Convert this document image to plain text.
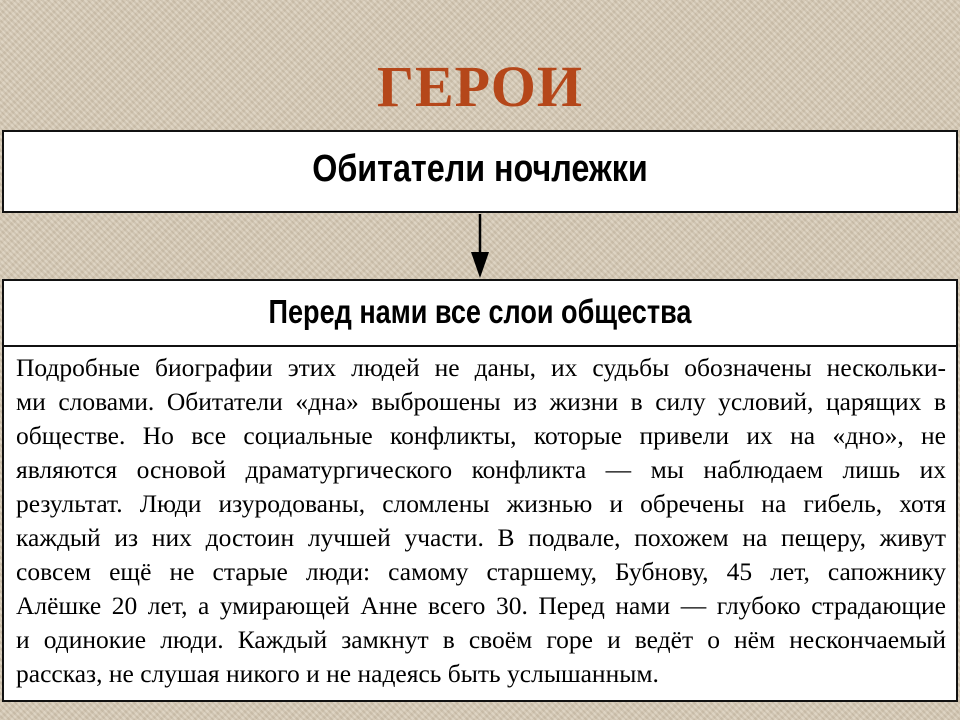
ГЕРОИ
Обитатели ночлежки
Перед нами все слои общества
Подробные биографии этих людей не даны, их судьбы обозначены нескольки-
ми словами. Обитатели «дна» выброшены из жизни в силу условий, царящих в
обществе. Но все социальные конфликты, которые привели их на «дно», не
являются основой драматургического конфликта — мы наблюдаем лишь их
результат. Люди изуродованы, сломлены жизнью и обречены на гибель, хотя
каждый из них достоин лучшей участи. В подвале, похожем на пещеру, живут
совсем ещё не старые люди: самому старшему, Бубнову, 45 лет, сапожнику
Алёшке 20 лет, а умирающей Анне всего 30. Перед нами — глубоко страдающие
и одинокие люди. Каждый замкнут в своём горе и ведёт о нём нескончаемый
рассказ, не слушая никого и не надеясь быть услышанным.
